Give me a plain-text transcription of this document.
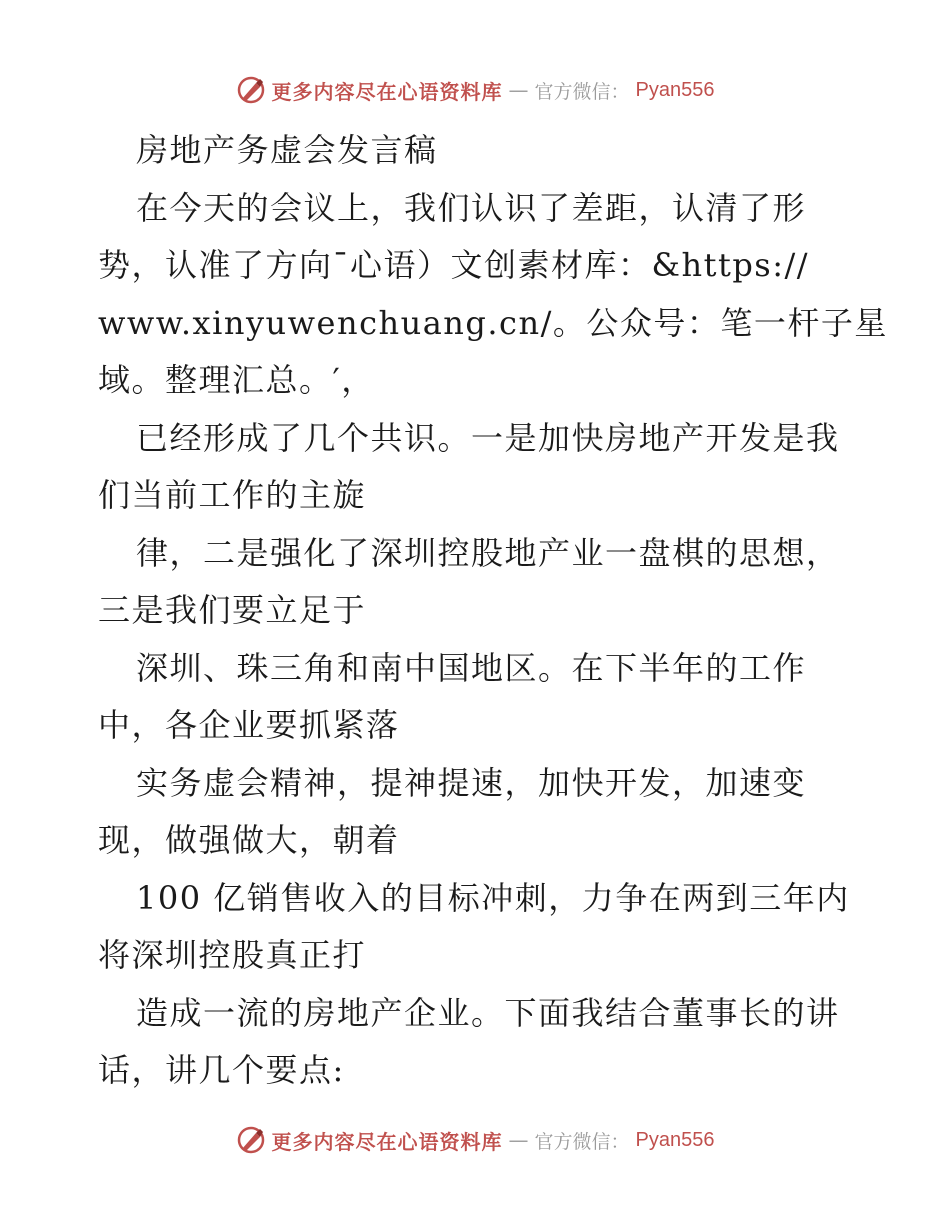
更多内容尽在心语资料库 — 官方微信： Pyan556
房地产务虚会发言稿
在今天的会议上，我们认识了差距，认清了形
势，认准了方向¯心语）文创素材库：&https://
www.xinyuwenchuang.cn/。公众号：笔一杆子星
域。整理汇总。′，
已经形成了几个共识。一是加快房地产开发是我
们当前工作的主旋
律，二是强化了深圳控股地产业一盘棋的思想，
三是我们要立足于
深圳、珠三角和南中国地区。在下半年的工作
中，各企业要抓紧落
实务虚会精神，提神提速，加快开发，加速变
现，做强做大，朝着
100 亿销售收入的目标冲刺，力争在两到三年内
将深圳控股真正打
造成一流的房地产企业。下面我结合董事长的讲
话，讲几个要点:
更多内容尽在心语资料库 — 官方微信： Pyan556
